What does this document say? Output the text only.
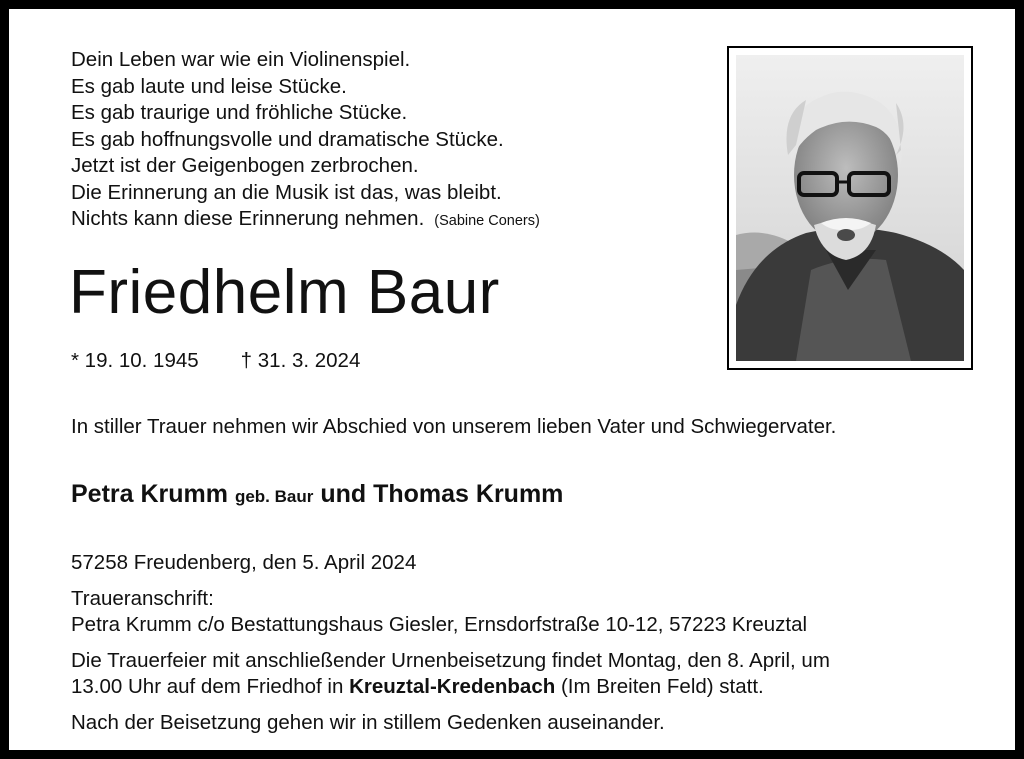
Dein Leben war wie ein Violinenspiel.
Es gab laute und leise Stücke.
Es gab traurige und fröhliche Stücke.
Es gab hoffnungsvolle und dramatische Stücke.
Jetzt ist der Geigenbogen zerbrochen.
Die Erinnerung an die Musik ist das, was bleibt.
Nichts kann diese Erinnerung nehmen. (Sabine Coners)
Friedhelm Baur
* 19. 10. 1945 † 31. 3. 2024
In stiller Trauer nehmen wir Abschied von unserem lieben Vater und Schwiegervater.
Petra Krumm geb. Baur und Thomas Krumm
57258 Freudenberg, den 5. April 2024
Traueranschrift:
Petra Krumm c/o Bestattungshaus Giesler, Ernsdorfstraße 10-12, 57223 Kreuztal
Die Trauerfeier mit anschließender Urnenbeisetzung findet Montag, den 8. April, um
13.00 Uhr auf dem Friedhof in Kreuztal-Kredenbach (Im Breiten Feld) statt.
Nach der Beisetzung gehen wir in stillem Gedenken auseinander.
